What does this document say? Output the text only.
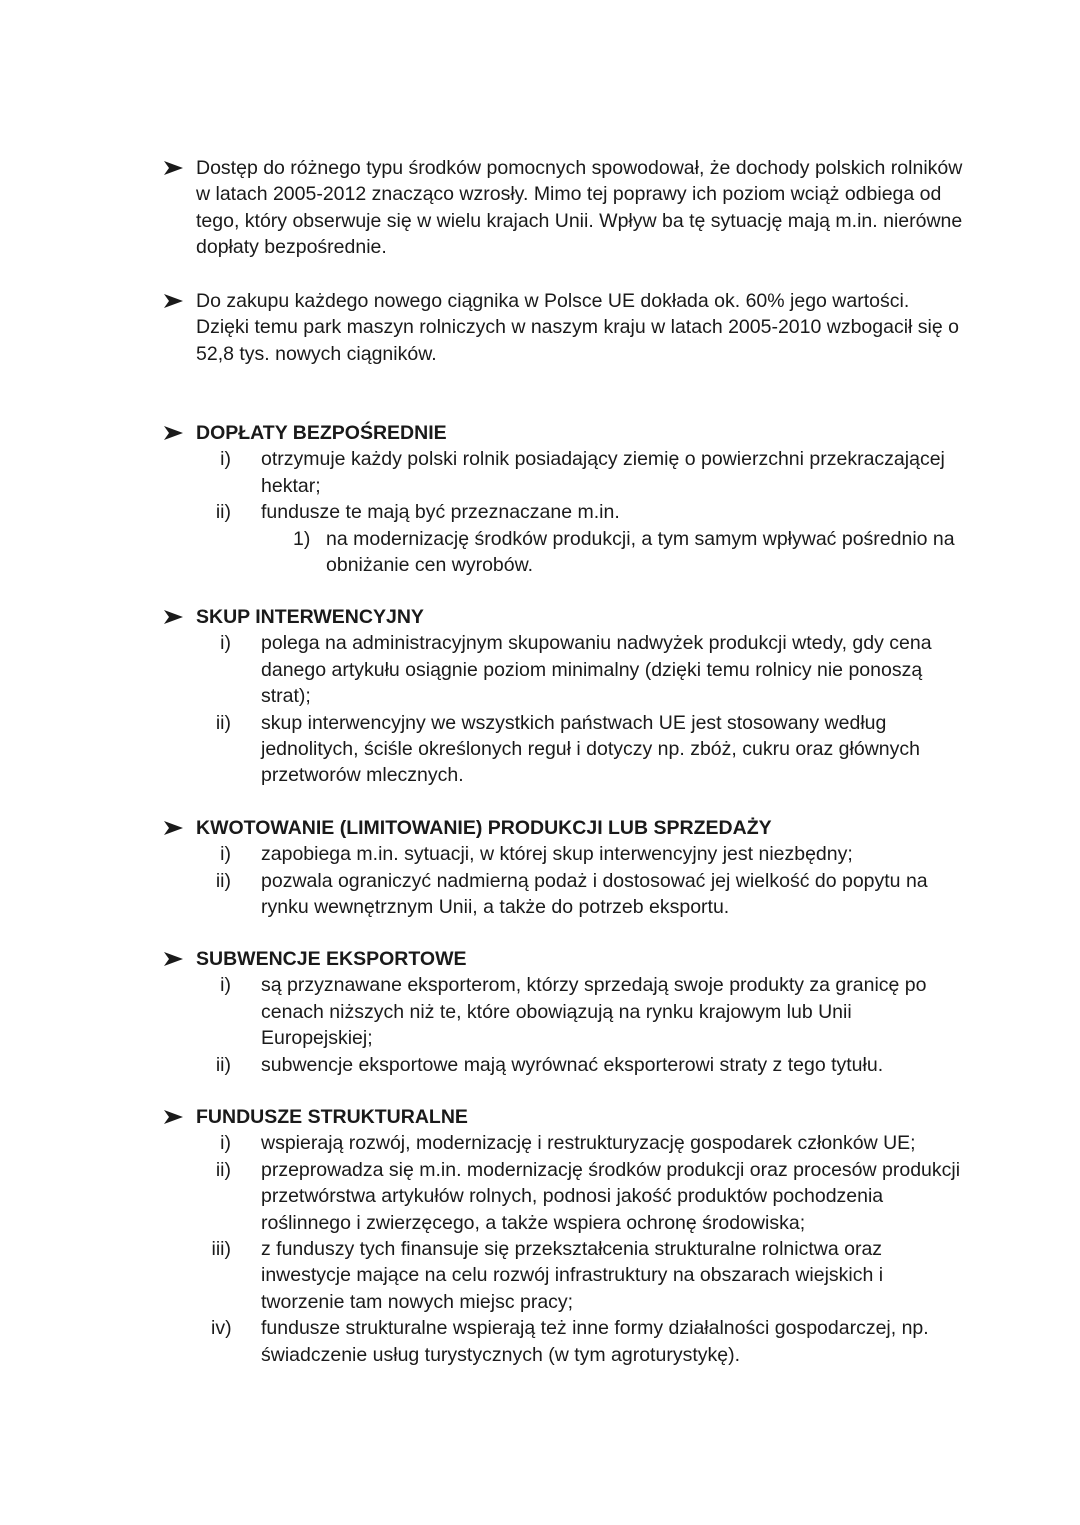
Dostęp do różnego typu środków pomocnych spowodował, że dochody polskich rolników w latach 2005-2012 znacząco wzrosły. Mimo tej poprawy ich poziom wciąż odbiega od tego, który obserwuje się w wielu krajach Unii. Wpływ ba tę sytuację mają m.in. nierówne dopłaty bezpośrednie.
Do zakupu każdego nowego ciągnika w Polsce UE dokłada ok. 60% jego wartości. Dzięki temu park maszyn rolniczych w naszym kraju w latach 2005-2010 wzbogacił się o 52,8 tys. nowych ciągników.
DOPŁATY BEZPOŚREDNIE
i) otrzymuje każdy polski rolnik posiadający ziemię o powierzchni przekraczającej hektar;
ii) fundusze te mają być przeznaczane m.in.
1) na modernizację środków produkcji, a tym samym wpływać pośrednio na obniżanie cen wyrobów.
SKUP INTERWENCYJNY
i) polega na administracyjnym skupowaniu nadwyżek produkcji wtedy, gdy cena danego artykułu osiągnie poziom minimalny (dzięki temu rolnicy nie ponoszą strat);
ii) skup interwencyjny we wszystkich państwach UE jest stosowany według jednolitych, ściśle określonych reguł i dotyczy np. zbóż, cukru oraz głównych przetworów mlecznych.
KWOTOWANIE (LIMITOWANIE) PRODUKCJI LUB SPRZEDAŻY
i) zapobiega m.in. sytuacji, w której skup interwencyjny jest niezbędny;
ii) pozwala ograniczyć nadmierną podaż i dostosować jej wielkość do popytu na rynku wewnętrznym Unii, a także do potrzeb eksportu.
SUBWENCJE EKSPORTOWE
i) są przyznawane eksporterom, którzy sprzedają swoje produkty za granicę po cenach niższych niż te, które obowiązują na rynku krajowym lub Unii Europejskiej;
ii) subwencje eksportowe mają wyrównać eksporterowi straty z tego tytułu.
FUNDUSZE STRUKTURALNE
i) wspierają rozwój, modernizację i restrukturyzację gospodarek członków UE;
ii) przeprowadza się m.in. modernizację środków produkcji oraz procesów produkcji przetwórstwa artykułów rolnych, podnosi jakość produktów pochodzenia roślinnego i zwierzęcego, a także wspiera ochronę środowiska;
iii) z funduszy tych finansuje się przekształcenia strukturalne rolnictwa oraz inwestycje mające na celu rozwój infrastruktury na obszarach wiejskich i tworzenie tam nowych miejsc pracy;
iv) fundusze strukturalne wspierają też inne formy działalności gospodarczej, np. świadczenie usług turystycznych (w tym agroturystykę).
